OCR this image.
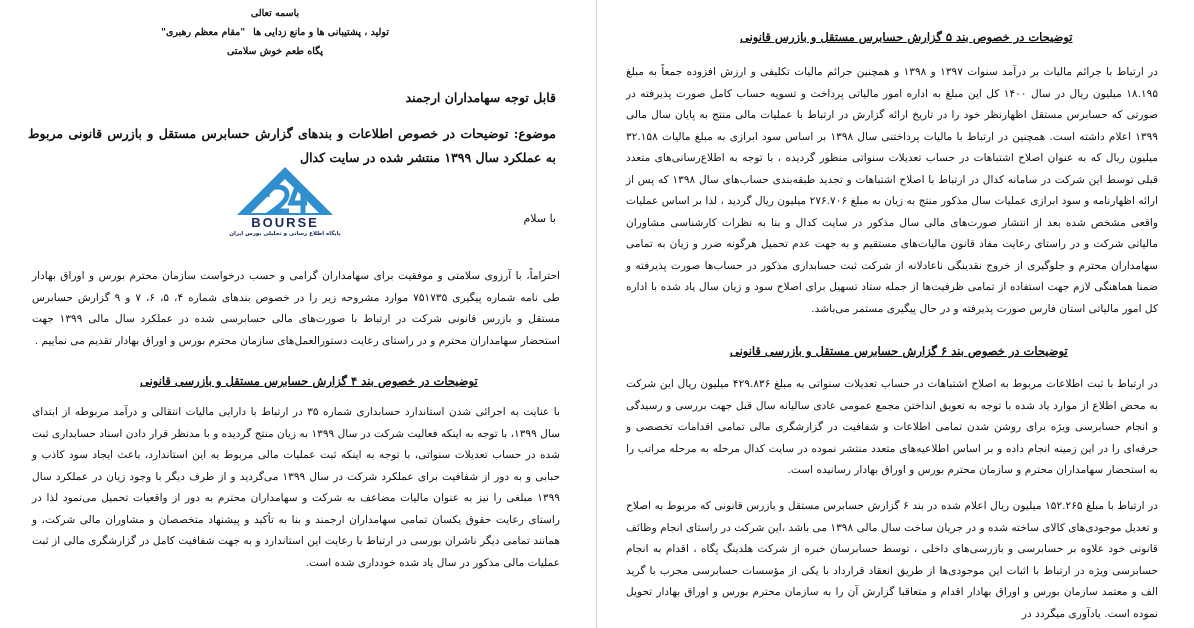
باسمه تعالی
تولید ، پشتیبانی ها و مانع زدایی ها
"مقام معظم رهبری"
پگاه طعم خوش سلامتی
قابل توجه سهامداران ارجمند
موضوع: توضیحات در خصوص اطلاعات و بندهای گزارش حسابرس مستقل و بازرس قانونی مربوط به عملکرد سال ۱۳۹۹ منتشر شده در سایت کدال
BOURSE
پایگاه اطلاع رسانی و تحلیلی بورس ایران
با سلام

احتراماً، با آرزوی سلامتی و موفقیت برای سهامداران گرامی و حسب درخواست سازمان محترم بورس و اوراق بهادار طی نامه شماره پیگیری ۷۵۱۷۳۵ موارد مشروحه زیر را در خصوص بندهای شماره ۴، ۵، ۶، ۷ و ۹ گزارش حسابرس مستقل و بازرس قانونی شرکت در ارتباط با صورت‌های مالی حسابرسی شده در عملکرد سال مالی ۱۳۹۹ جهت استحضار سهامداران محترم و در راستای رعایت دستورالعمل‌های سازمان محترم بورس و اوراق بهادار تقدیم می نماییم .

توضیحات در خصوص بند ۴ گزارش حسابرس مستقل و بازرسی قانونی

با عنایت به اجرائی شدن استاندارد حسابداری شماره ۳۵ در ارتباط با دارایی مالیات انتقالی و درآمد مربوطه از ابتدای سال ۱۳۹۹، با توجه به اینکه فعالیت شرکت در سال ۱۳۹۹ به زیان منتج گردیده و با مدنظر قرار دادن اسناد حسابداری ثبت شده در حساب تعدیلات سنواتی، با توجه به اینکه ثبت عملیات مالی مربوط به این استاندارد، باعث ایجاد سود کاذب و حبابی و به دور از شفافیت برای عملکرد شرکت در سال ۱۳۹۹ می‌گردید و از طرف دیگر با وجود زیان در عملکرد سال ۱۳۹۹ مبلغی را نیز به عنوان مالیات مضاعف به شرکت و سهامداران محترم به دور از واقعیات تحمیل می‌نمود لذا در راستای رعایت حقوق یکسان تمامی سهامداران ارجمند و بنا به تأکید و پیشنهاد متخصصان و مشاوران مالی شرکت، و همانند تمامی دیگر ناشران بورسی در ارتباط با رعایت این استاندارد و به جهت شفافیت کامل در گزارشگری مالی از ثبت عملیات مالی مذکور در سال یاد شده خودداری شده است.

در ارتباط با جرائم مالیات بر درآمد سنوات ۱۳۹۷ و ۱۳۹۸ و همچنین جرائم مالیات تکلیفی و ارزش افزوده جمعاً به مبلغ ۱۸.۱۹۵ میلیون ریال در سال ۱۴۰۰ کل این مبلغ به اداره امور مالیاتی پرداخت و تسویه حساب کامل صورت پذیرفته در صورتی که حسابرس مستقل اظهارنظر خود را در تاریخ ارائه گزارش در ارتباط با عملیات مالی منتج به پایان سال مالی ۱۳۹۹ اعلام داشته است. همچنین در ارتباط با مالیات پرداختنی سال ۱۳۹۸ بر اساس سود ابرازی به مبلغ مالیات ۳۲.۱۵۸ میلیون ریال که به عنوان اصلاح اشتباهات در حساب تعدیلات سنواتی منظور گردیده ، با توجه به اطلاع‌رسانی‌های متعدد قبلی توسط این شرکت در سامانه کدال در ارتباط با اصلاح اشتباهات و تجدید طبقه‌بندی حساب‌های سال ۱۳۹۸ که پس از ارائه اظهارنامه و سود ابرازی عملیات سال مذکور منتج به زیان به مبلغ ۲۷۶.۷۰۶ میلیون ریال گردید ، لذا بر اساس عملیات واقعی مشخص شده بعد از انتشار صورت‌های مالی سال مذکور در سایت کدال و بنا به نظرات کارشناسی مشاوران مالیاتی شرکت و در راستای رعایت مفاد قانون مالیات‌های مستقیم و به جهت عدم تحمیل هرگونه ضرر و زیان به تمامی سهامداران محترم و جلوگیری از خروج نقدینگی ناعادلانه از شرکت ثبت حسابداری مذکور در حساب‌ها صورت پذیرفته و ضمنا هماهنگی لازم جهت استفاده از تمامی ظرفیت‌ها از جمله ستاد تسهیل برای اصلاح سود و زیان سال یاد شده با اداره کل امور مالیاتی استان فارس صورت پذیرفته و در حال پیگیری مستمر می‌باشد.

در ارتباط با ثبت اطلاعات مربوط به اصلاح اشتباهات در حساب تعدیلات سنواتی به مبلغ ۴۲۹.۸۳۶ میلیون ریال این شرکت به محض اطلاع از موارد یاد شده با توجه به تعویق انداختن مجمع عمومی عادی سالیانه سال قبل جهت بررسی و رسیدگی و انجام حسابرسی ویژه برای روشن شدن تمامی اطلاعات و شفافیت در گزارشگری مالی تمامی اقدامات تخصصی و حرفه‌ای را در این زمینه انجام داده و بر اساس اطلاعیه‌های متعدد منتشر نموده در سایت کدال مرحله به مرحله مراتب را به استحضار سهامداران محترم و سازمان محترم بورس و اوراق بهادار رسانیده است.

در ارتباط با مبلغ ۱۵۲.۲۶۵ میلیون ریال اعلام شده در بند ۶ گزارش حسابرس مستقل و بازرس قانونی که مربوط به اصلاح و تعدیل موجودی‌های کالای ساخته شده و در جریان ساخت سال مالی ۱۳۹۸ می باشد ،این شرکت در راستای انجام وظائف قانونی خود علاوه بر حسابرسی و بازرسی‌های داخلی ، توسط حسابرسان خبره از شرکت هلدینگ پگاه ، اقدام به انجام حسابرسی ویژه در ارتباط با اثبات این موجودی‌ها از طریق انعقاد قرارداد با یکی از مؤسسات حسابرسی مجرب با گرید الف و معتمد سازمان بورس و اوراق بهادار اقدام و متعاقبا گزارش آن را به سازمان محترم بورس و اوراق بهادار تحویل نموده است. یادآوری میگردد در

توضیحات در خصوص بند ۵ گزارش حسابرس مستقل و بازرس قانونی
توضیحات در خصوص بند ۶ گزارش حسابرس مستقل و بازرسی قانونی
